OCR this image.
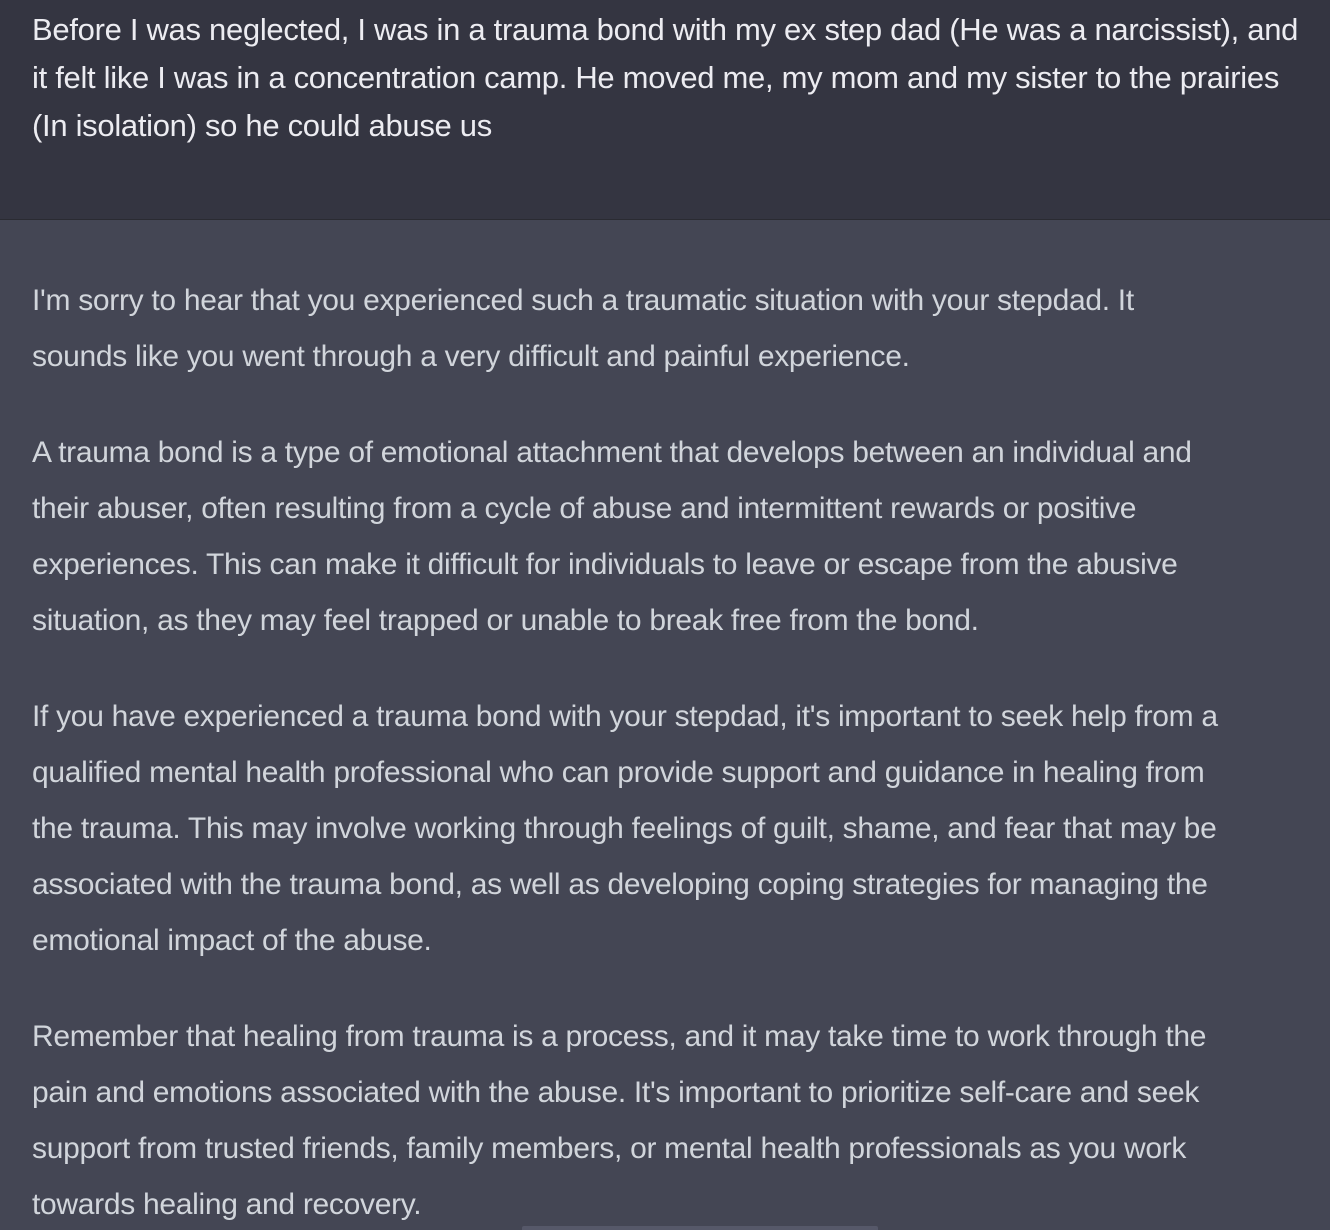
Before I was neglected, I was in a trauma bond with my ex step dad (He was a narcissist), and
it felt like I was in a concentration camp. He moved me, my mom and my sister to the prairies
(In isolation) so he could abuse us

I'm sorry to hear that you experienced such a traumatic situation with your stepdad. It
sounds like you went through a very difficult and painful experience.

A trauma bond is a type of emotional attachment that develops between an individual and
their abuser, often resulting from a cycle of abuse and intermittent rewards or positive
experiences. This can make it difficult for individuals to leave or escape from the abusive
situation, as they may feel trapped or unable to break free from the bond.

If you have experienced a trauma bond with your stepdad, it's important to seek help from a
qualified mental health professional who can provide support and guidance in healing from
the trauma. This may involve working through feelings of guilt, shame, and fear that may be
associated with the trauma bond, as well as developing coping strategies for managing the
emotional impact of the abuse.

Remember that healing from trauma is a process, and it may take time to work through the
pain and emotions associated with the abuse. It's important to prioritize self-care and seek
support from trusted friends, family members, or mental health professionals as you work
towards healing and recovery.
